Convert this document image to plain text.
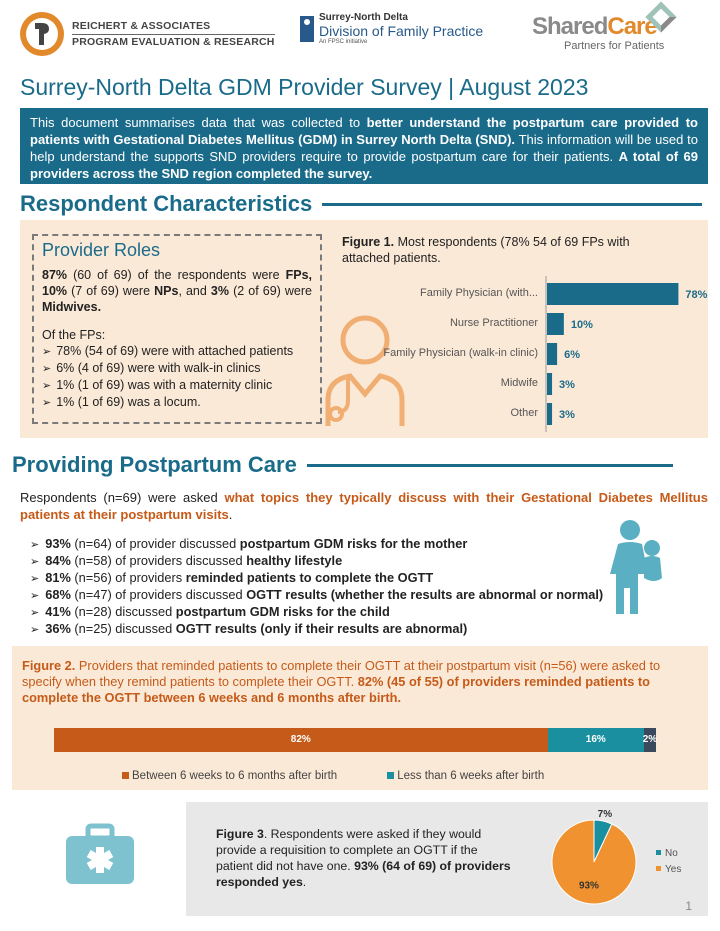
REICHERT & ASSOCIATES
PROGRAM EVALUATION & RESEARCH
Surrey-North Delta
Division of Family Practice
An FPSC initiative
SharedCare
Partners for Patients
Surrey-North Delta GDM Provider Survey | August 2023
This document summarises data that was collected to better understand the postpartum care provided to patients with Gestational Diabetes Mellitus (GDM) in Surrey North Delta (SND). This information will be used to help understand the supports SND providers require to provide postpartum care for their patients. A total of 69 providers across the SND region completed the survey.
Respondent Characteristics
Provider Roles
87% (60 of 69) of the respondents were FPs, 10% (7 of 69) were NPs, and 3% (2 of 69) were Midwives.
Of the FPs:
➢ 78% (54 of 69) were with attached patients
➢ 6% (4 of 69) were with walk-in clinics
➢ 1% (1 of 69) was with a maternity clinic
➢ 1% (1 of 69) was a locum.
Figure 1. Most respondents (78% 54 of 69 FPs with attached patients.
Family Physician (with...	78%
Nurse Practitioner	10%
Family Physician (walk-in clinic) 6%
Midwife 3%
Other 3%
Providing Postpartum Care
Respondents (n=69) were asked what topics they typically discuss with their Gestational Diabetes Mellitus patients at their postpartum visits.
➢ 93% (n=64) of provider discussed postpartum GDM risks for the mother
➢ 84% (n=58) of providers discussed healthy lifestyle
➢ 81% (n=56) of providers reminded patients to complete the OGTT
➢ 68% (n=47) of providers discussed OGTT results (whether the results are abnormal or normal)
➢ 41% (n=28) discussed postpartum GDM risks for the child
➢ 36% (n=25) discussed OGTT results (only if their results are abnormal)
Figure 2. Providers that reminded patients to complete their OGTT at their postpartum visit (n=56) were asked to specify when they remind patients to complete their OGTT. 82% (45 of 55) of providers reminded patients to complete the OGTT between 6 weeks and 6 months after birth.
82%	16%	2%
Between 6 weeks to 6 months after birth	Less than 6 weeks after birth
Figure 3. Respondents were asked if they would provide a requisition to complete an OGTT if the patient did not have one. 93% (64 of 69) of providers responded yes.
7%
93%
No
Yes
1
